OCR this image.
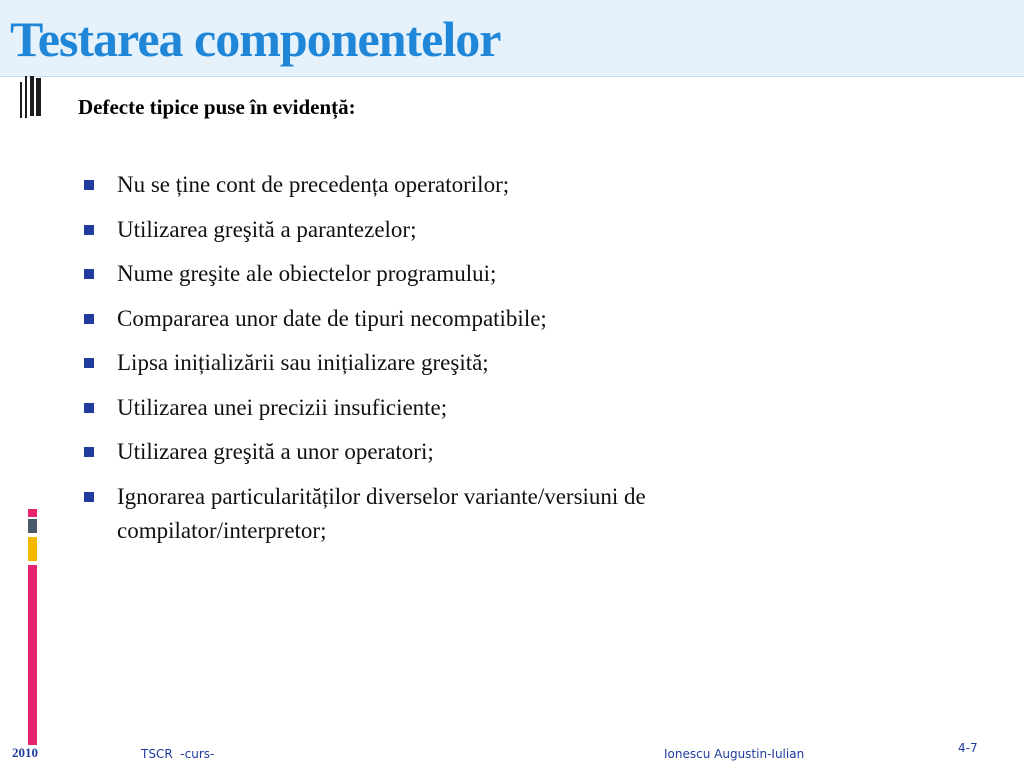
Testarea componentelor
Defecte tipice puse în evidență:
Nu se ține cont de precedența operatorilor;
Utilizarea greşită a parantezelor;
Nume greşite ale obiectelor programului;
Compararea unor date de tipuri necompatibile;
Lipsa inițializării sau inițializare greşită;
Utilizarea unei precizii insuficiente;
Utilizarea greşită a unor operatori;
Ignorarea particularităților diverselor variante/versiuni de compilator/interpretor;
2010	TSCR  -curs-	Ionescu Augustin-Iulian	4-7
